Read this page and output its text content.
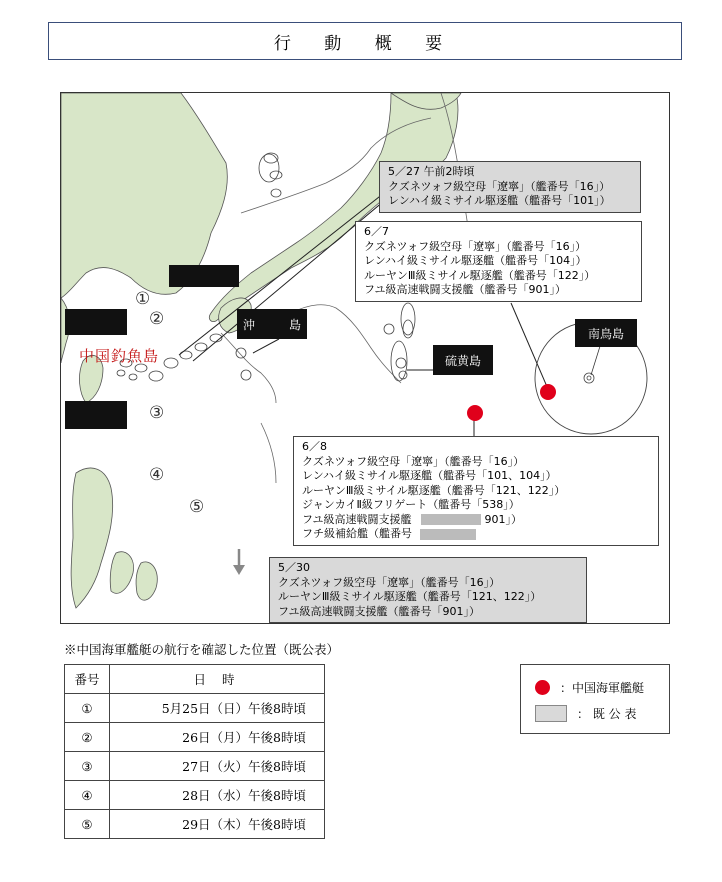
行 動 概 要
沖	島
硫黄島
南鳥島
中国釣魚島
①
②
③
④
⑤
5／27 午前2時頃
クズネツォフ級空母「遼寧」（艦番号「16」）
レンハイ級ミサイル駆逐艦（艦番号「101」）
6／7
クズネツォフ級空母「遼寧」（艦番号「16」）
レンハイ級ミサイル駆逐艦（艦番号「104」）
ルーヤンⅢ級ミサイル駆逐艦（艦番号「122」）
フユ級高速戦闘支援艦（艦番号「901」）
6／8
クズネツォフ級空母「遼寧」（艦番号「16」）
レンハイ級ミサイル駆逐艦（艦番号「101、104」）
ルーヤンⅢ級ミサイル駆逐艦（艦番号「121、122」）
ジャンカイⅡ級フリゲート（艦番号「538」）
フユ級高速戦闘支援艦	901」）
フチ級補給艦（艦番号
5／30
クズネツォフ級空母「遼寧」（艦番号「16」）
ルーヤンⅢ級ミサイル駆逐艦（艦番号「121、122」）
フユ級高速戦闘支援艦（艦番号「901」）
※中国海軍艦艇の航行を確認した位置（既公表）
番号	日 時
①	5月25日（日）午後8時頃
②	26日（月）午後8時頃
③	27日（火）午後8時頃
④	28日（水）午後8時頃
⑤	29日（木）午後8時頃
：中国海軍艦艇
： 既 公 表
